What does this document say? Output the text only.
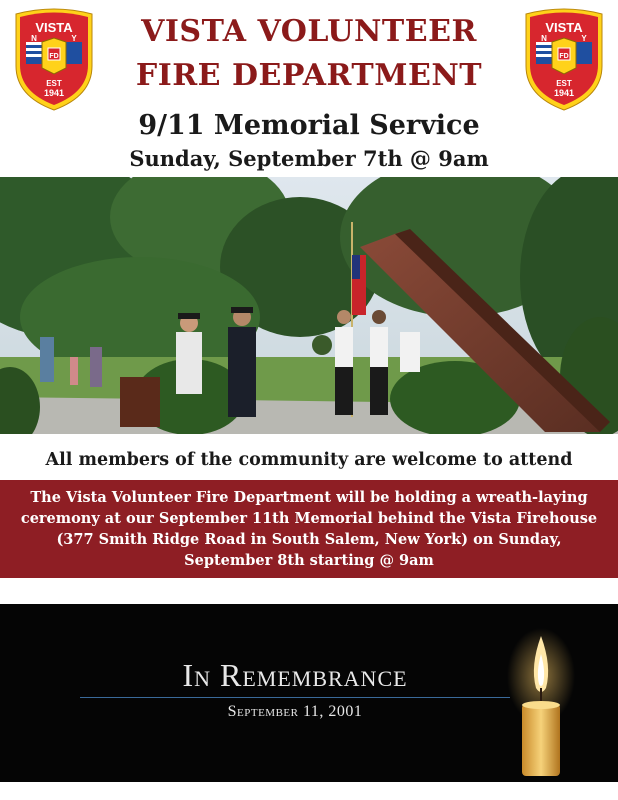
VISTA
N	Y
FD
EST
1941
VISTA
N	Y
FD
EST
1941
VISTA VOLUNTEER
FIRE DEPARTMENT
9/11 Memorial Service
Sunday, September 7th @ 9am
All members of the community are welcome to attend
The Vista Volunteer Fire Department will be holding a wreath-laying ceremony at our September 11th Memorial behind the Vista Firehouse (377 Smith Ridge Road in South Salem, New York) on Sunday, September 8th starting @ 9am
In Remembrance
September 11, 2001
